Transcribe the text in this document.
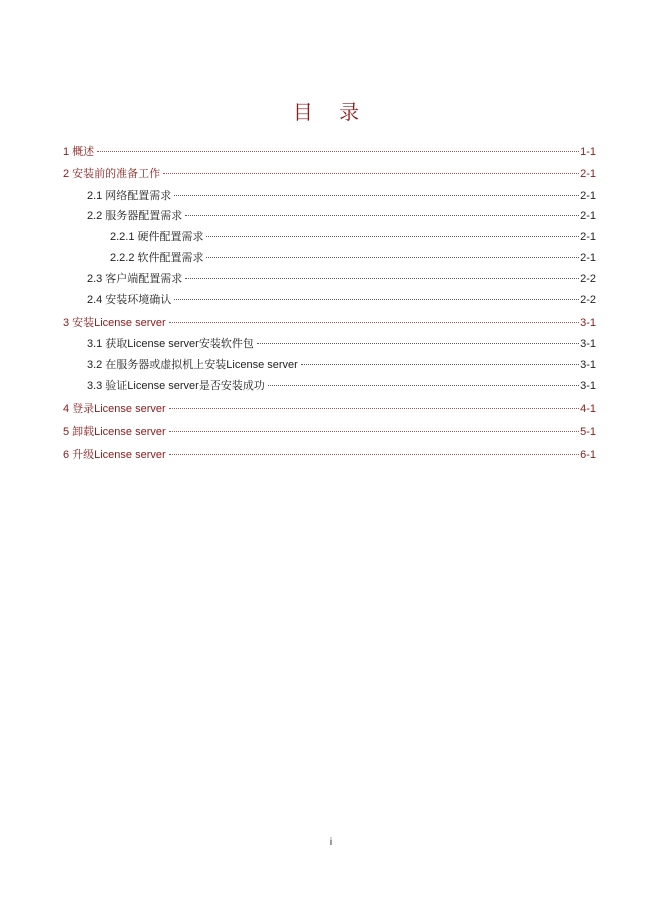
目 录
1 概述	1-1
2 安装前的准备工作	2-1
2.1 网络配置需求	2-1
2.2 服务器配置需求	2-1
2.2.1 硬件配置需求	2-1
2.2.2 软件配置需求	2-1
2.3 客户端配置需求	2-2
2.4 安装环境确认	2-2
3 安装License server	3-1
3.1 获取License server安装软件包	3-1
3.2 在服务器或虚拟机上安装License server	3-1
3.3 验证License server是否安装成功	3-1
4 登录License server	4-1
5 卸载License server	5-1
6 升级License server	6-1
i
